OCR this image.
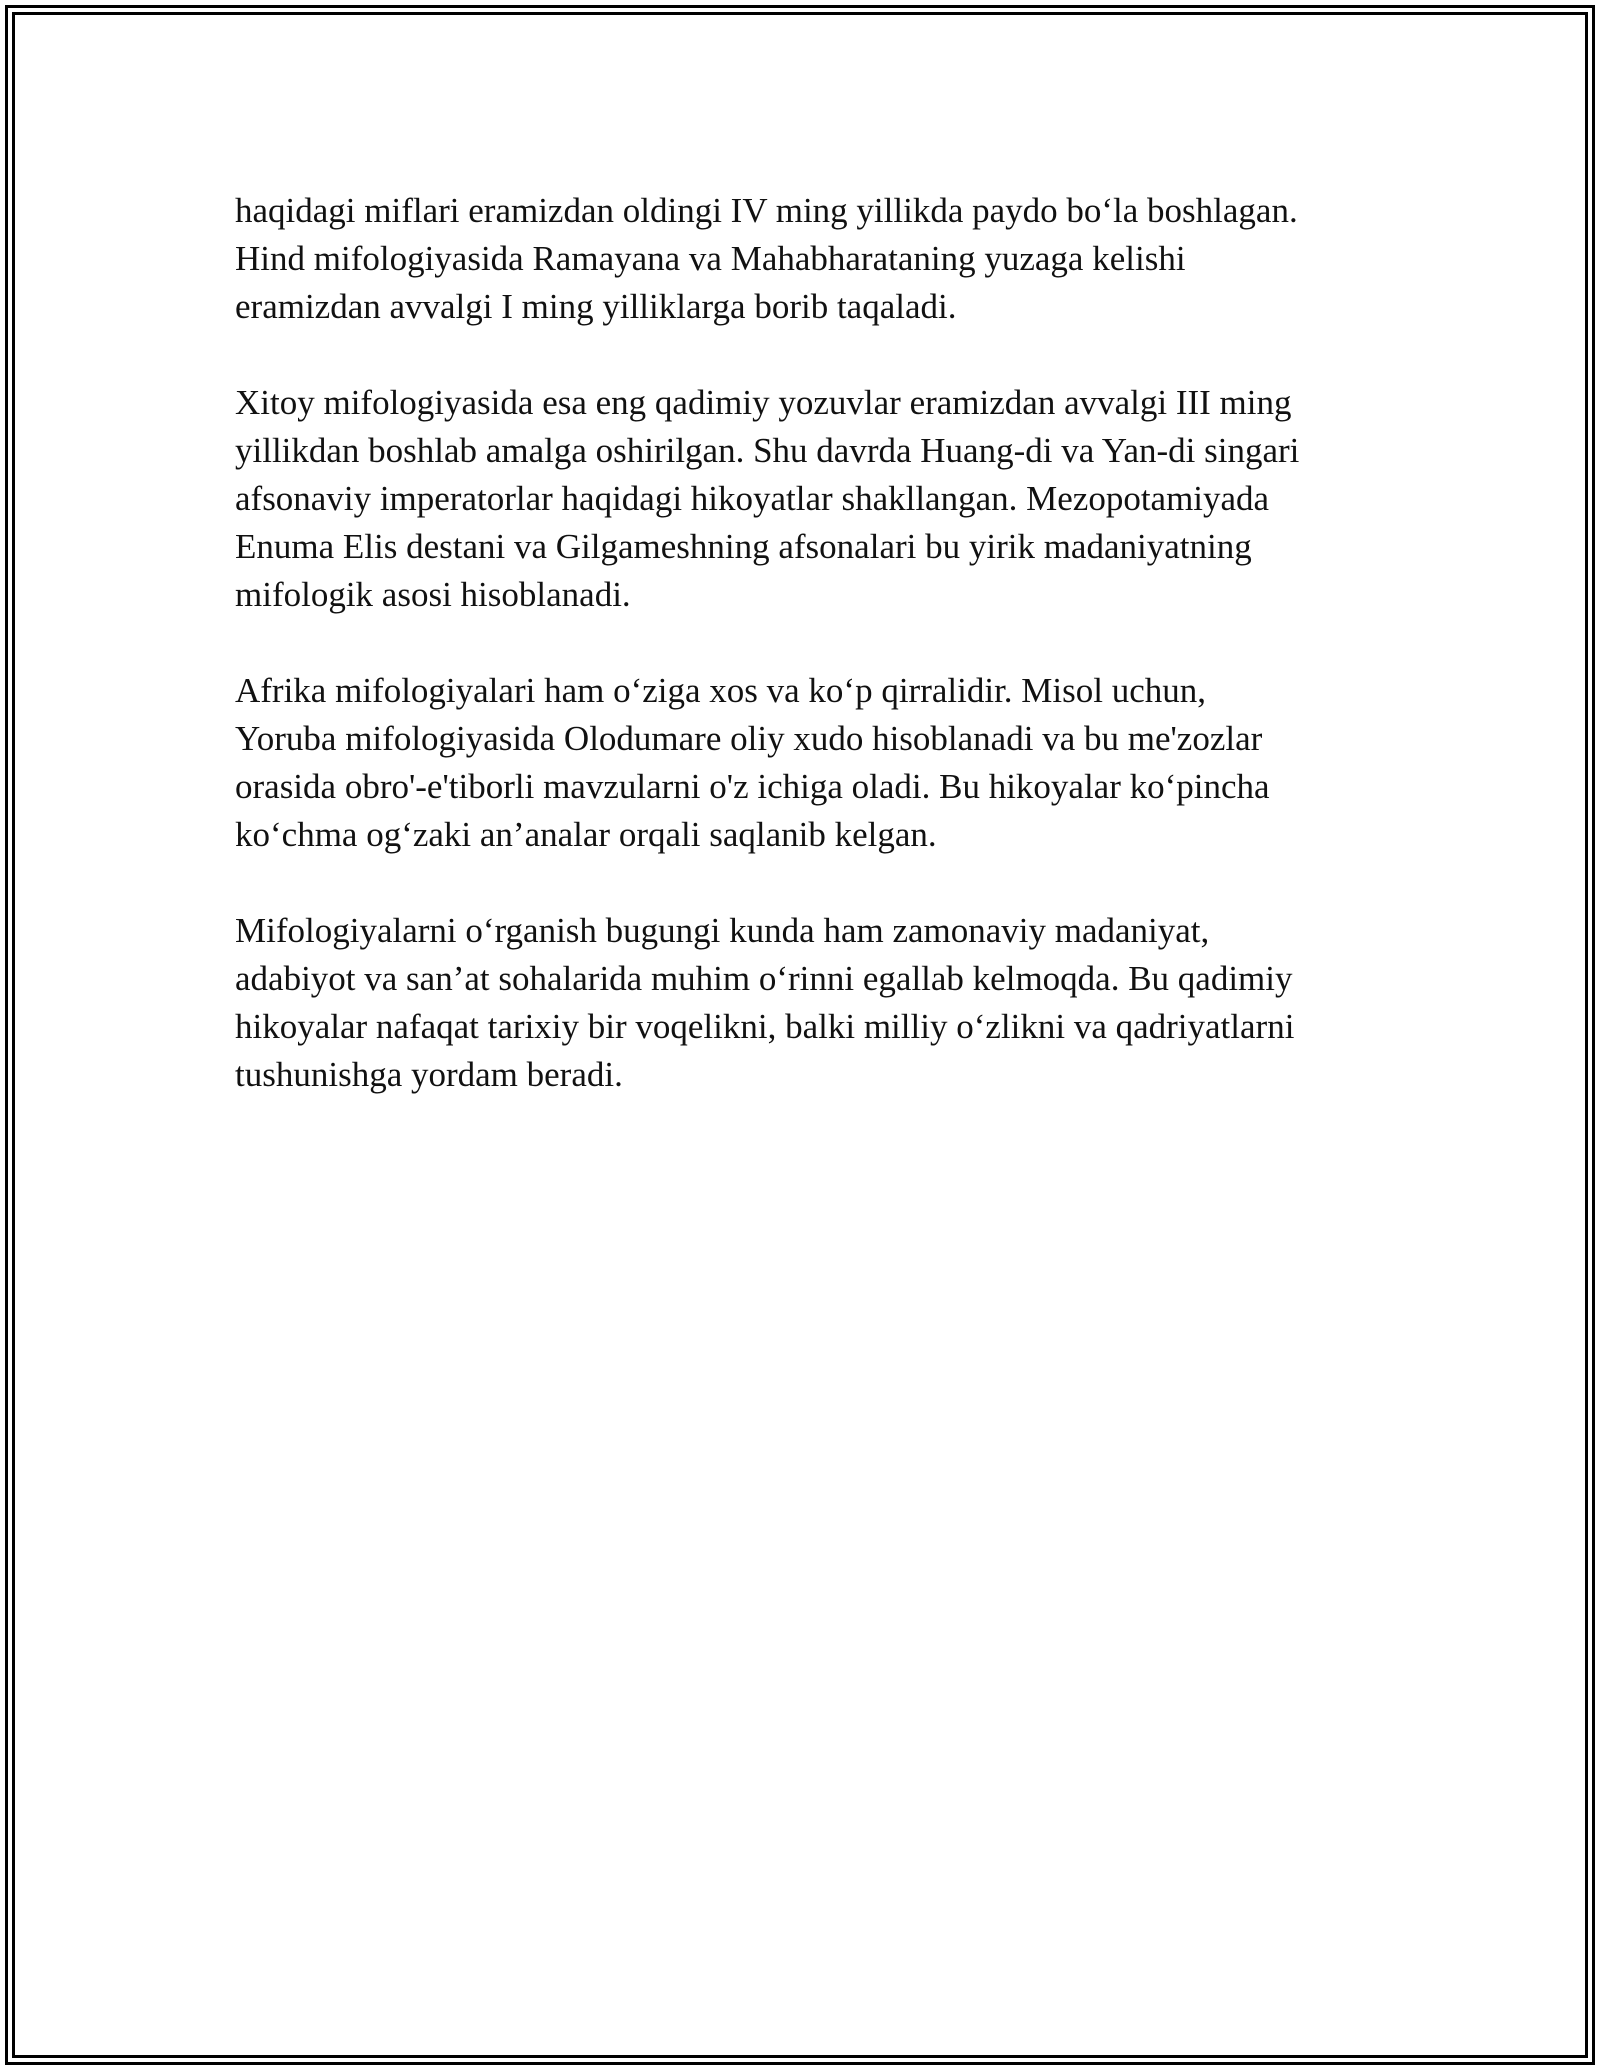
haqidagi miflari eramizdan oldingi IV ming yillikda paydo bo‘la boshlagan.
Hind mifologiyasida Ramayana va Mahabharataning yuzaga kelishi
eramizdan avvalgi I ming yilliklarga borib taqaladi.

Xitoy mifologiyasida esa eng qadimiy yozuvlar eramizdan avvalgi III ming
yillikdan boshlab amalga oshirilgan. Shu davrda Huang-di va Yan-di singari
afsonaviy imperatorlar haqidagi hikoyatlar shakllangan. Mezopotamiyada
Enuma Elis destani va Gilgameshning afsonalari bu yirik madaniyatning
mifologik asosi hisoblanadi.

Afrika mifologiyalari ham o‘ziga xos va ko‘p qirralidir. Misol uchun,
Yoruba mifologiyasida Olodumare oliy xudo hisoblanadi va bu me'zozlar
orasida obro'-e'tiborli mavzularni o'z ichiga oladi. Bu hikoyalar ko‘pincha
ko‘chma og‘zaki an’analar orqali saqlanib kelgan.

Mifologiyalarni o‘rganish bugungi kunda ham zamonaviy madaniyat,
adabiyot va san’at sohalarida muhim o‘rinni egallab kelmoqda. Bu qadimiy
hikoyalar nafaqat tarixiy bir voqelikni, balki milliy o‘zlikni va qadriyatlarni
tushunishga yordam beradi.
